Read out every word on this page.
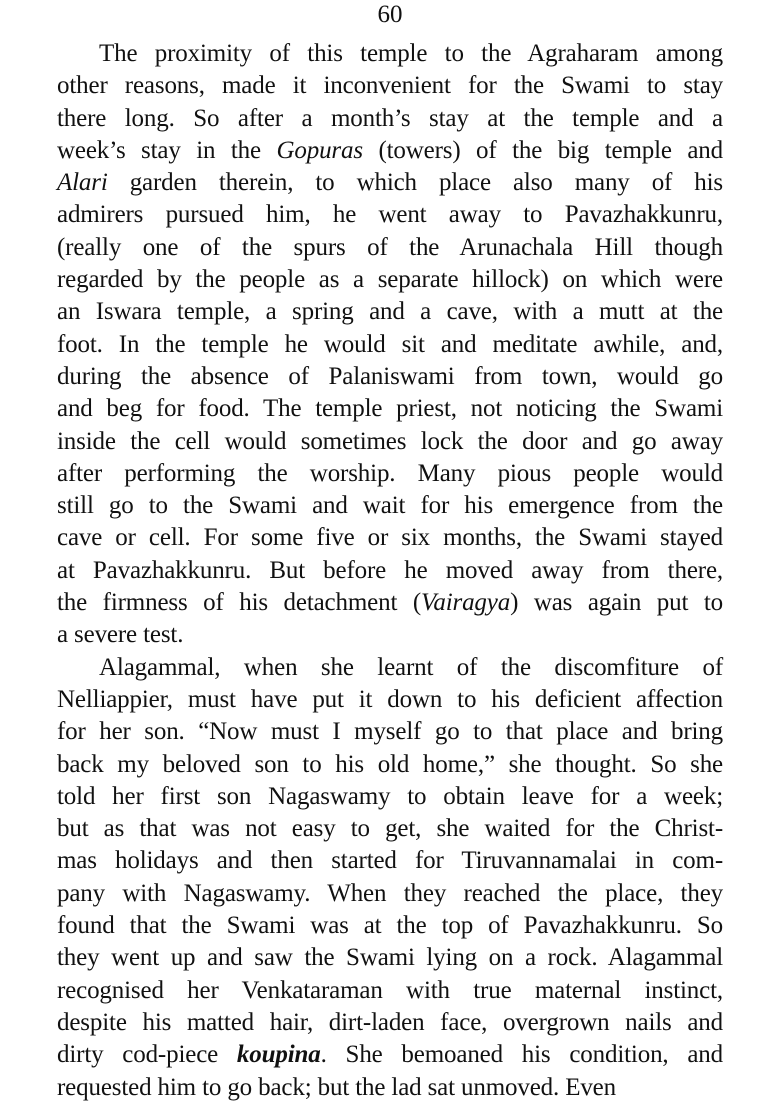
60
The proximity of this temple to the Agraharam among
other reasons, made it inconvenient for the Swami to stay
there long. So after a month’s stay at the temple and a
week’s stay in the Gopuras (towers) of the big temple and
Alari garden therein, to which place also many of his
admirers pursued him, he went away to Pavazhakkunru,
(really one of the spurs of the Arunachala Hill though
regarded by the people as a separate hillock) on which were
an Iswara temple, a spring and a cave, with a mutt at the
foot. In the temple he would sit and meditate awhile, and,
during the absence of Palaniswami from town, would go
and beg for food. The temple priest, not noticing the Swami
inside the cell would sometimes lock the door and go away
after performing the worship. Many pious people would
still go to the Swami and wait for his emergence from the
cave or cell. For some five or six months, the Swami stayed
at Pavazhakkunru. But before he moved away from there,
the firmness of his detachment (Vairagya) was again put to
a severe test.
Alagammal, when she learnt of the discomfiture of
Nelliappier, must have put it down to his deficient affection
for her son. “Now must I myself go to that place and bring
back my beloved son to his old home,” she thought. So she
told her first son Nagaswamy to obtain leave for a week;
but as that was not easy to get, she waited for the Christ-
mas holidays and then started for Tiruvannamalai in com-
pany with Nagaswamy. When they reached the place, they
found that the Swami was at the top of Pavazhakkunru. So
they went up and saw the Swami lying on a rock. Alagammal
recognised her Venkataraman with true maternal instinct,
despite his matted hair, dirt-laden face, overgrown nails and
dirty cod-piece koupina. She bemoaned his condition, and
requested him to go back; but the lad sat unmoved. Even
